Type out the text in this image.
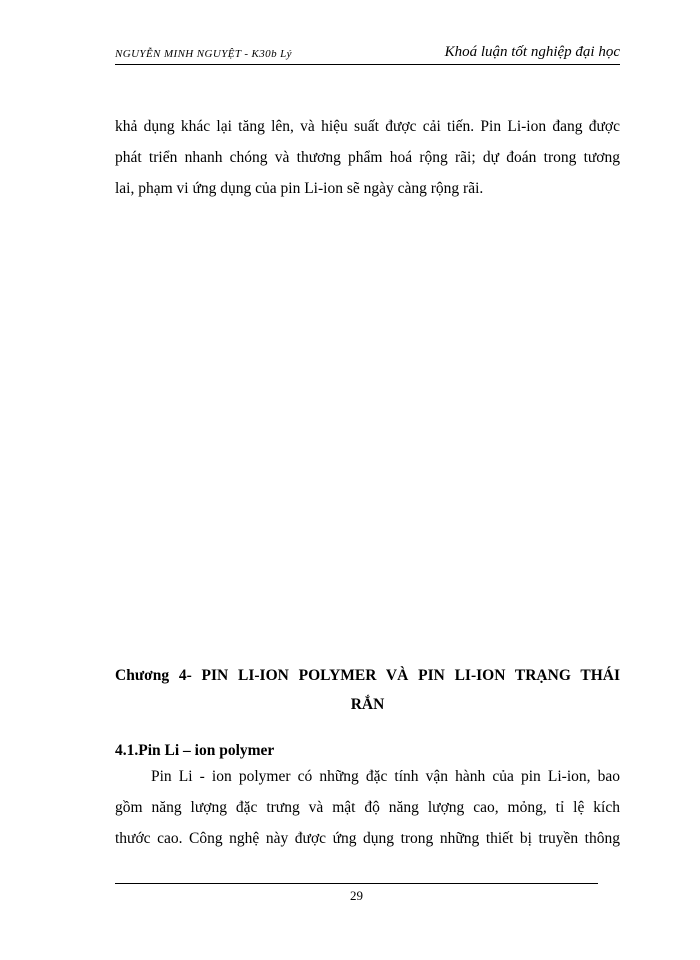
NGUYỄN MINH NGUYỆT - K30b Lý	Khoá luận tốt nghiệp đại học

khả dụng khác lại tăng lên, và hiệu suất được cải tiến. Pin Li-ion đang được
phát triển nhanh chóng và thương phẩm hoá rộng rãi; dự đoán trong tương
lai, phạm vi ứng dụng của pin Li-ion sẽ ngày càng rộng rãi.

Chương 4- PIN LI-ION POLYMER VÀ PIN LI-ION TRẠNG THÁI
RẮN
4.1.Pin Li – ion polymer

Pin Li - ion polymer có những đặc tính vận hành của pin Li-ion, bao
gồm năng lượng đặc trưng và mật độ năng lượng cao, mỏng, tỉ lệ kích
thước cao. Công nghệ này được ứng dụng trong những thiết bị truyền thông

29
